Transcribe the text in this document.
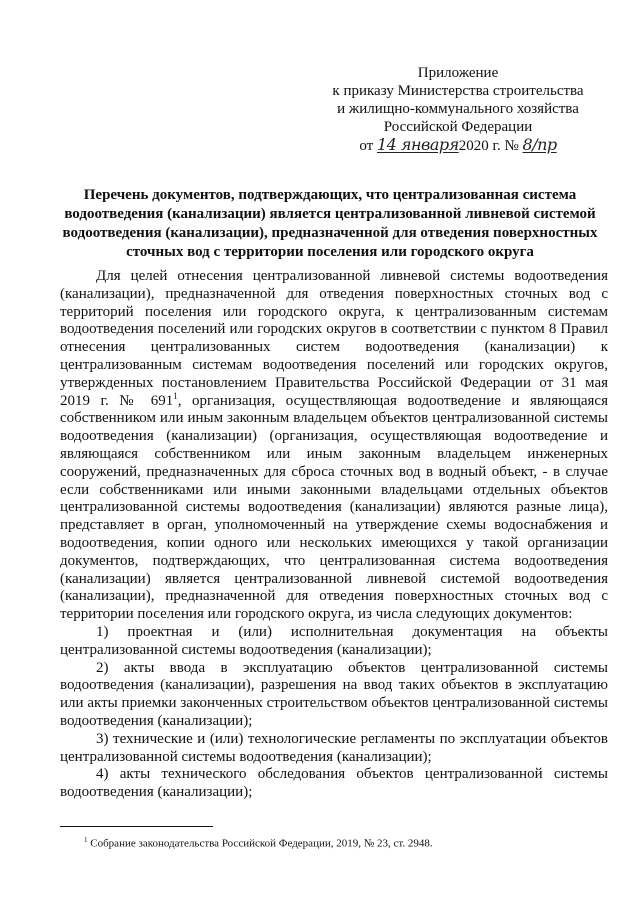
Приложение
к приказу Министерства строительства
и жилищно-коммунального хозяйства
Российской Федерации
от 14 января2020 г. № 8/пр
Перечень документов, подтверждающих, что централизованная система водоотведения (канализации) является централизованной ливневой системой водоотведения (канализации), предназначенной для отведения поверхностных сточных вод с территории поселения или городского округа

Для целей отнесения централизованной ливневой системы водоотведения (канализации), предназначенной для отведения поверхностных сточных вод с территорий поселения или городского округа, к централизованным системам водоотведения поселений или городских округов в соответствии с пунктом 8 Правил отнесения централизованных систем водоотведения (канализации) к централизованным системам водоотведения поселений или городских округов, утвержденных постановлением Правительства Российской Федерации от 31 мая 2019 г. № $691^1$, организация, осуществляющая водоотведение и являющаяся собственником или иным законным владельцем объектов централизованной системы водоотведения (канализации) (организация, осуществляющая водоотведение и являющаяся собственником или иным законным владельцем инженерных сооружений, предназначенных для сброса сточных вод в водный объект, - в случае если собственниками или иными законными владельцами отдельных объектов централизованной системы водоотведения (канализации) являются разные лица), представляет в орган, уполномоченный на утверждение схемы водоснабжения и водоотведения, копии одного или нескольких имеющихся у такой организации документов, подтверждающих, что централизованная система водоотведения (канализации) является централизованной ливневой системой водоотведения (канализации), предназначенной для отведения поверхностных сточных вод с территории поселения или городского округа, из числа следующих документов:

1) проектная и (или) исполнительная документация на объекты централизованной системы водоотведения (канализации);

2) акты ввода в эксплуатацию объектов централизованной системы водоотведения (канализации), разрешения на ввод таких объектов в эксплуатацию или акты приемки законченных строительством объектов централизованной системы водоотведения (канализации);

3) технические и (или) технологические регламенты по эксплуатации объектов централизованной системы водоотведения (канализации);

4) акты технического обследования объектов централизованной системы водоотведения (канализации);

$^1$ Собрание законодательства Российской Федерации, 2019, № 23, ст. 2948.
